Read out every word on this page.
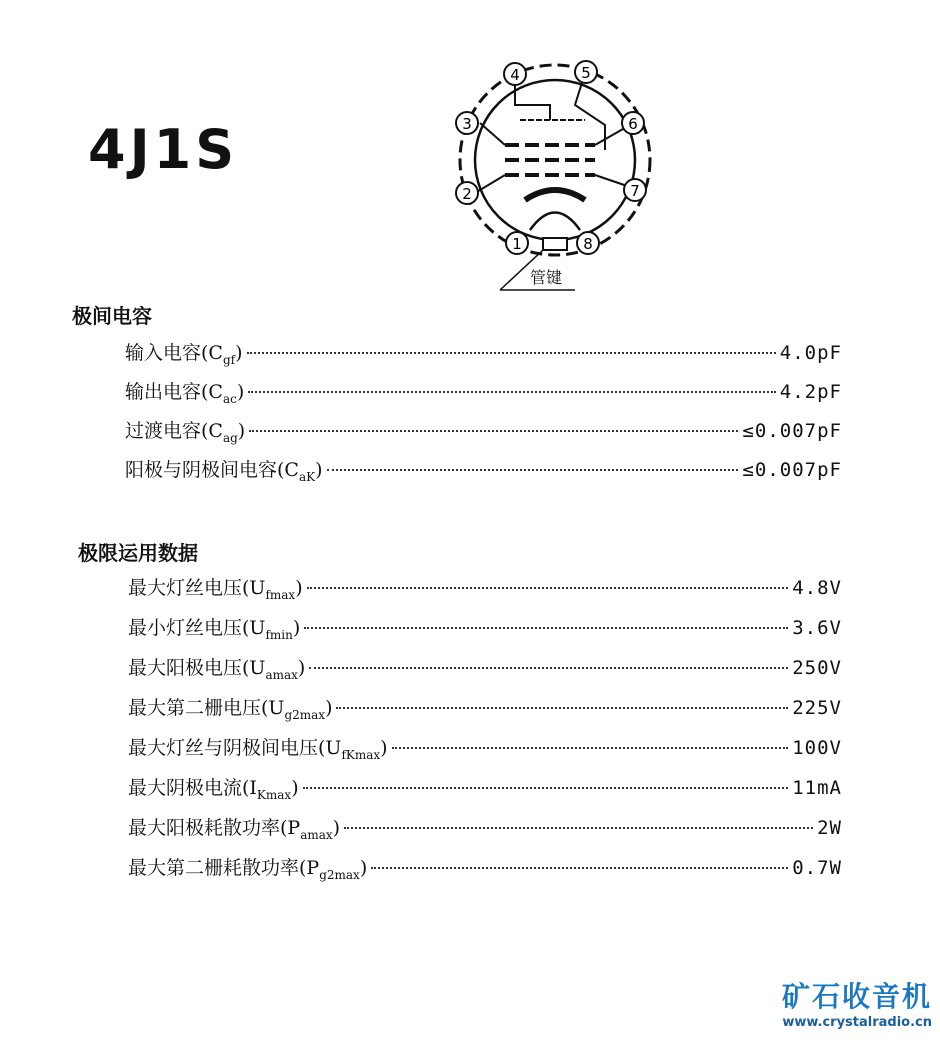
4J1S
1
2
3
4	5
6
7
8
管键
极间电容
输入电容$(C_{gf})$	4.0pF
输出电容$(C_{ac})$	4.2pF
过渡电容$(C_{ag})$	≤0.007pF
阳极与阴极间电容$(C_{aK})$	≤0.007pF
极限运用数据
最大灯丝电压$(U_{fmax})$	4.8V
最小灯丝电压$(U_{fmin})$	3.6V
最大阳极电压$(U_{amax})$	250V
最大第二栅电压$(U_{g2max})$	225V
最大灯丝与阴极间电压$(U_{fKmax})$	100V
最大阴极电流$(I_{Kmax})$	11mA
最大阳极耗散功率$(P_{amax})$	2W
最大第二栅耗散功率$(P_{g2max})$	0.7W
矿石收音机
www.crystalradio.cn
